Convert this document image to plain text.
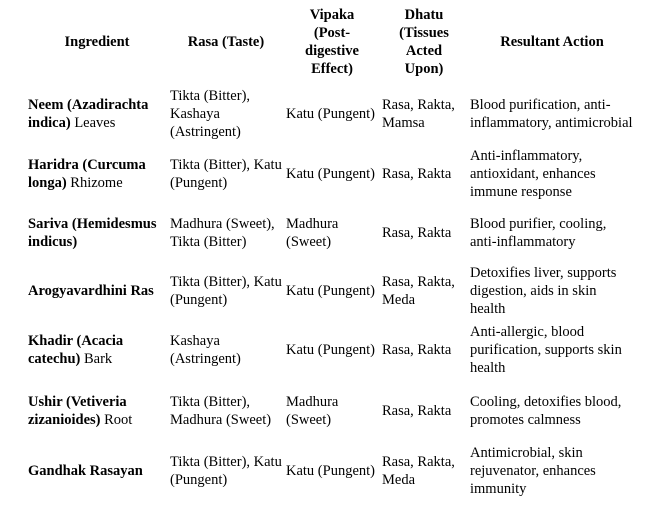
Ingredient	Rasa (Taste)	Vipaka (Post-digestive Effect)	Dhatu (Tissues Acted Upon)	Resultant Action
Neem (Azadirachta indica) Leaves	Tikta (Bitter), Kashaya (Astringent)	Katu (Pungent)	Rasa, Rakta, Mamsa	Blood purification, anti-inflammatory, antimicrobial
Haridra (Curcuma longa) Rhizome	Tikta (Bitter), Katu (Pungent)	Katu (Pungent)	Rasa, Rakta	Anti-inflammatory, antioxidant, enhances immune response
Sariva (Hemidesmus indicus)	Madhura (Sweet), Tikta (Bitter)	Madhura (Sweet)	Rasa, Rakta	Blood purifier, cooling, anti-inflammatory
Arogyavardhini Ras	Tikta (Bitter), Katu (Pungent)	Katu (Pungent)	Rasa, Rakta, Meda	Detoxifies liver, supports digestion, aids in skin health
Khadir (Acacia catechu) Bark	Kashaya (Astringent)	Katu (Pungent)	Rasa, Rakta	Anti-allergic, blood purification, supports skin health
Ushir (Vetiveria zizanioides) Root	Tikta (Bitter), Madhura (Sweet)	Madhura (Sweet)	Rasa, Rakta	Cooling, detoxifies blood, promotes calmness
Gandhak Rasayan	Tikta (Bitter), Katu (Pungent)	Katu (Pungent)	Rasa, Rakta, Meda	Antimicrobial, skin rejuvenator, enhances immunity
